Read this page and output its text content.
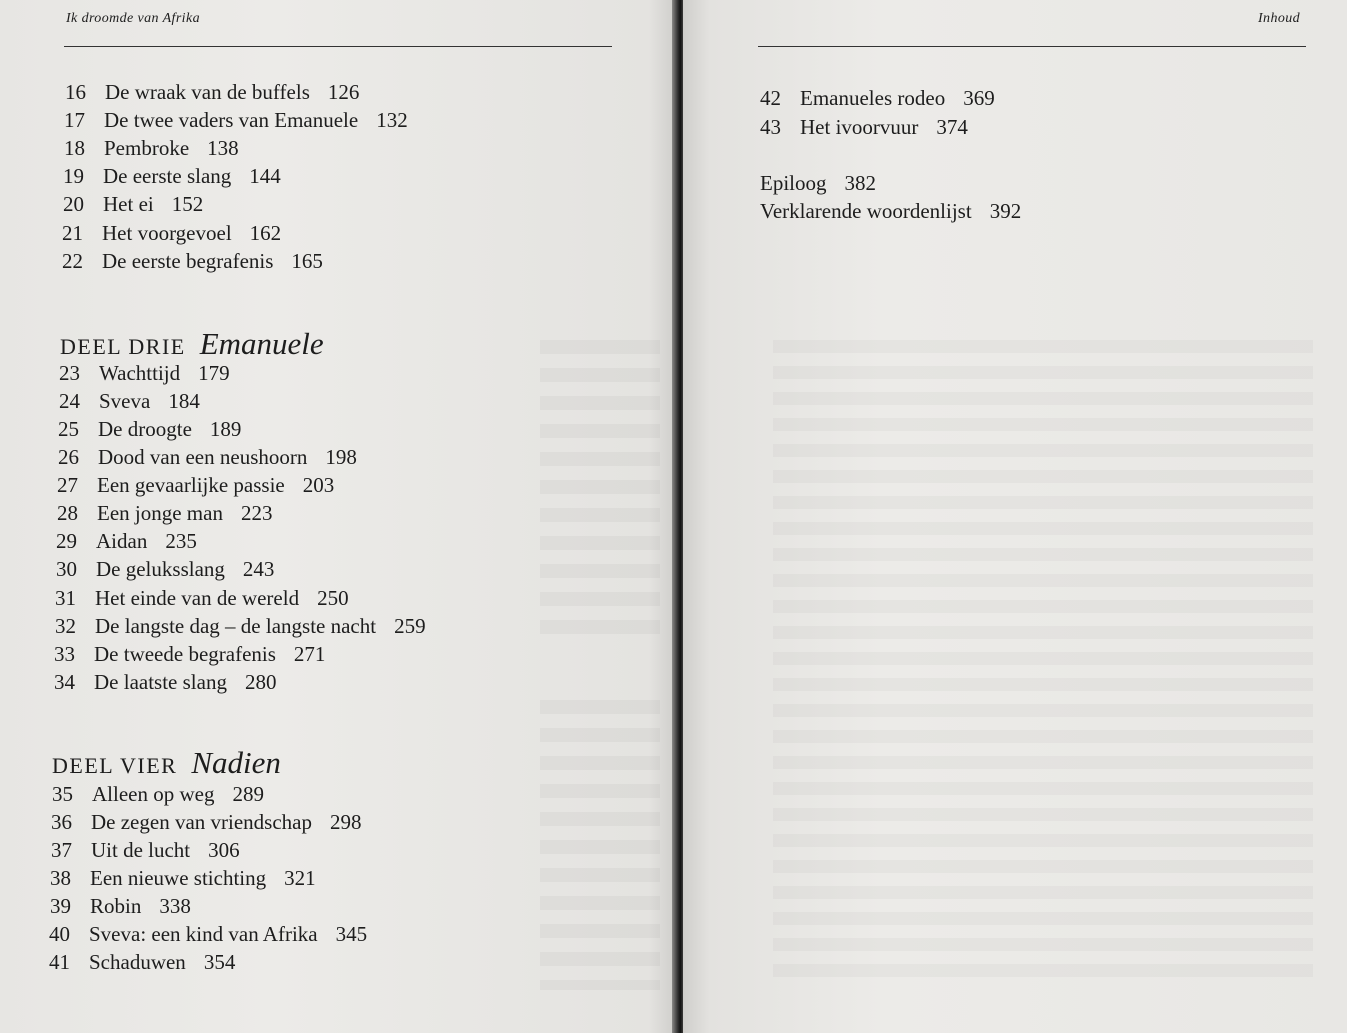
Ik droomde van Afrika
16 De wraak van de buffels 126
17 De twee vaders van Emanuele 132
18 Pembroke 138
19 De eerste slang 144
20 Het ei 152
21 Het voorgevoel 162
22 De eerste begrafenis 165
DEEL DRIE Emanuele
23 Wachttijd 179
24 Sveva 184
25 De droogte 189
26 Dood van een neushoorn 198
27 Een gevaarlijke passie 203
28 Een jonge man 223
29 Aidan 235
30 De geluksslang 243
31 Het einde van de wereld 250
32 De langste dag – de langste nacht 259
33 De tweede begrafenis 271
34 De laatste slang 280
DEEL VIER Nadien
35 Alleen op weg 289
36 De zegen van vriendschap 298
37 Uit de lucht 306
38 Een nieuwe stichting 321
39 Robin 338
40 Sveva: een kind van Afrika 345
41 Schaduwen 354
Inhoud
42 Emanueles rodeo 369
43 Het ivoorvuur 374
Epiloog 382
Verklarende woordenlijst 392
